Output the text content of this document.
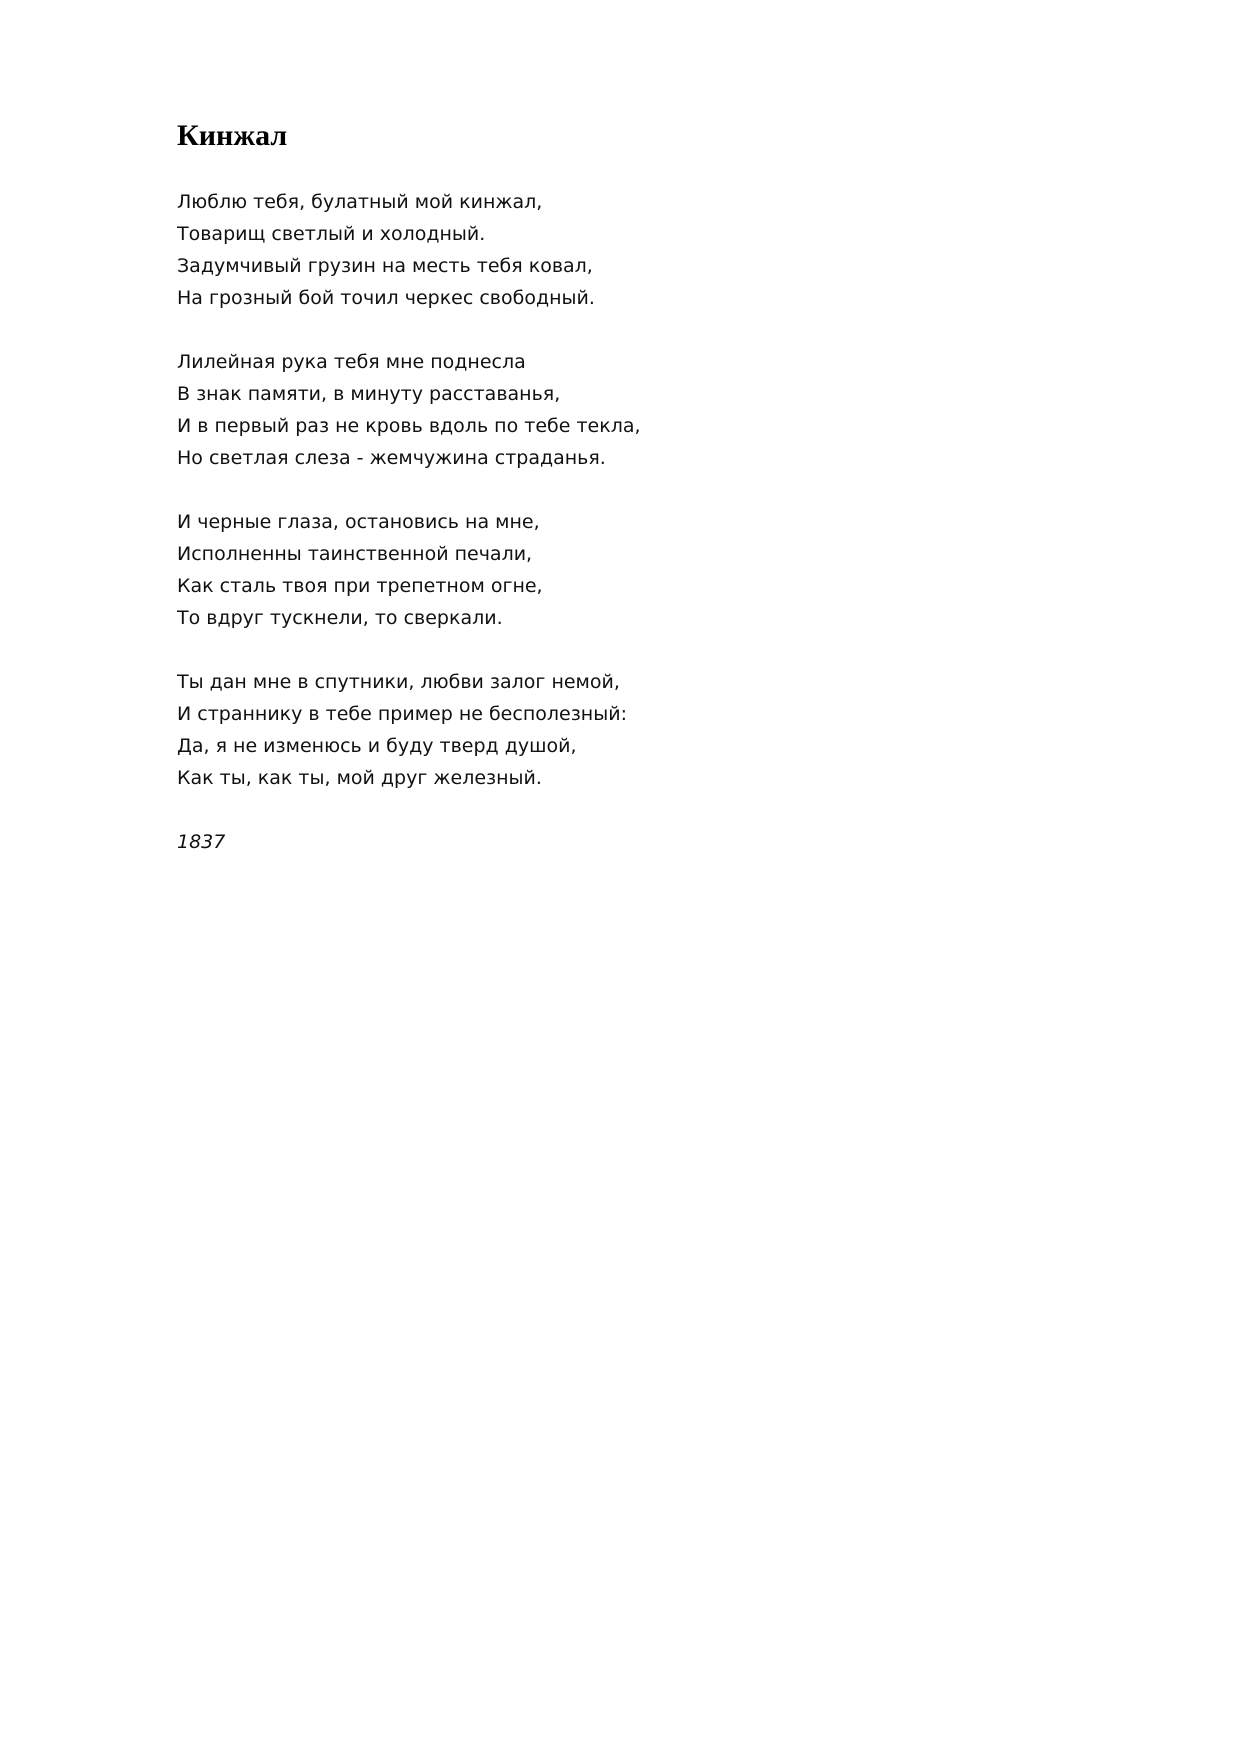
Кинжал
Люблю тебя, булатный мой кинжал,
Товарищ светлый и холодный.
Задумчивый грузин на месть тебя ковал,
На грозный бой точил черкес свободный.
Лилейная рука тебя мне поднесла
В знак памяти, в минуту расставанья,
И в первый раз не кровь вдоль по тебе текла,
Но светлая слеза - жемчужина страданья.
И черные глаза, остановись на мне,
Исполненны таинственной печали,
Как сталь твоя при трепетном огне,
То вдруг тускнели, то сверкали.
Ты дан мне в спутники, любви залог немой,
И страннику в тебе пример не бесполезный:
Да, я не изменюсь и буду тверд душой,
Как ты, как ты, мой друг железный.
1837
